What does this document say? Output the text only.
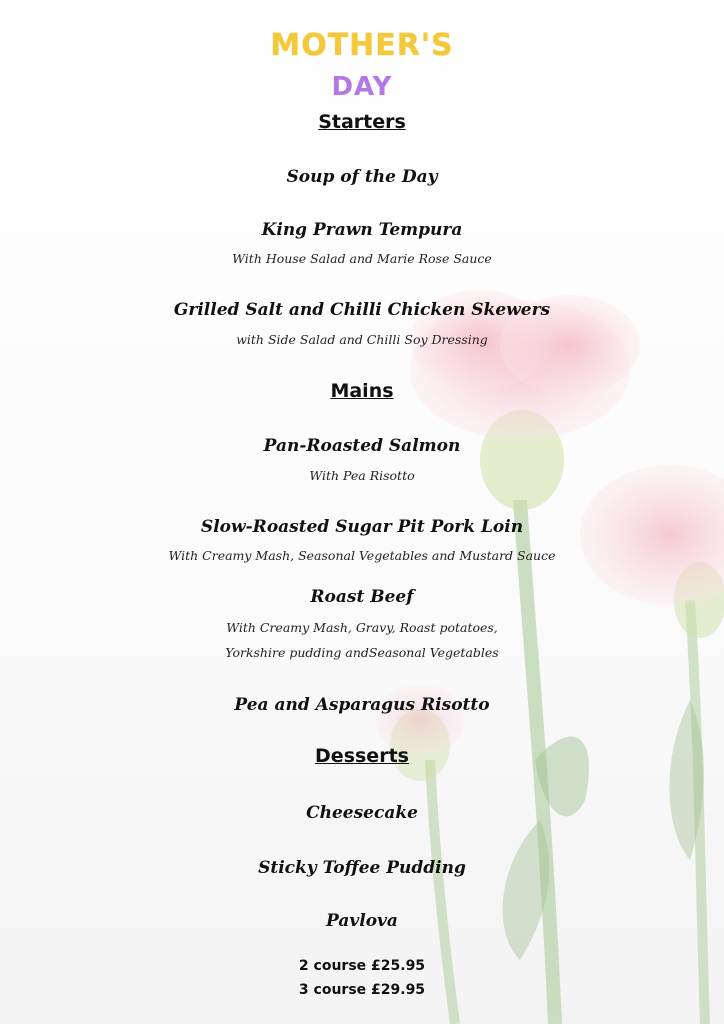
MOTHER'S
DAY
Starters
Soup of the Day
King Prawn Tempura
With House Salad and Marie Rose Sauce
Grilled Salt and Chilli Chicken Skewers
with Side Salad and Chilli Soy Dressing
Mains
Pan-Roasted Salmon
With Pea Risotto
Slow-Roasted Sugar Pit Pork Loin
With Creamy Mash, Seasonal Vegetables and Mustard Sauce
Roast Beef
With Creamy Mash, Gravy, Roast potatoes,
Yorkshire pudding andSeasonal Vegetables
Pea and Asparagus Risotto
Desserts
Cheesecake
Sticky Toffee Pudding
Pavlova
2 course £25.95
3 course £29.95
